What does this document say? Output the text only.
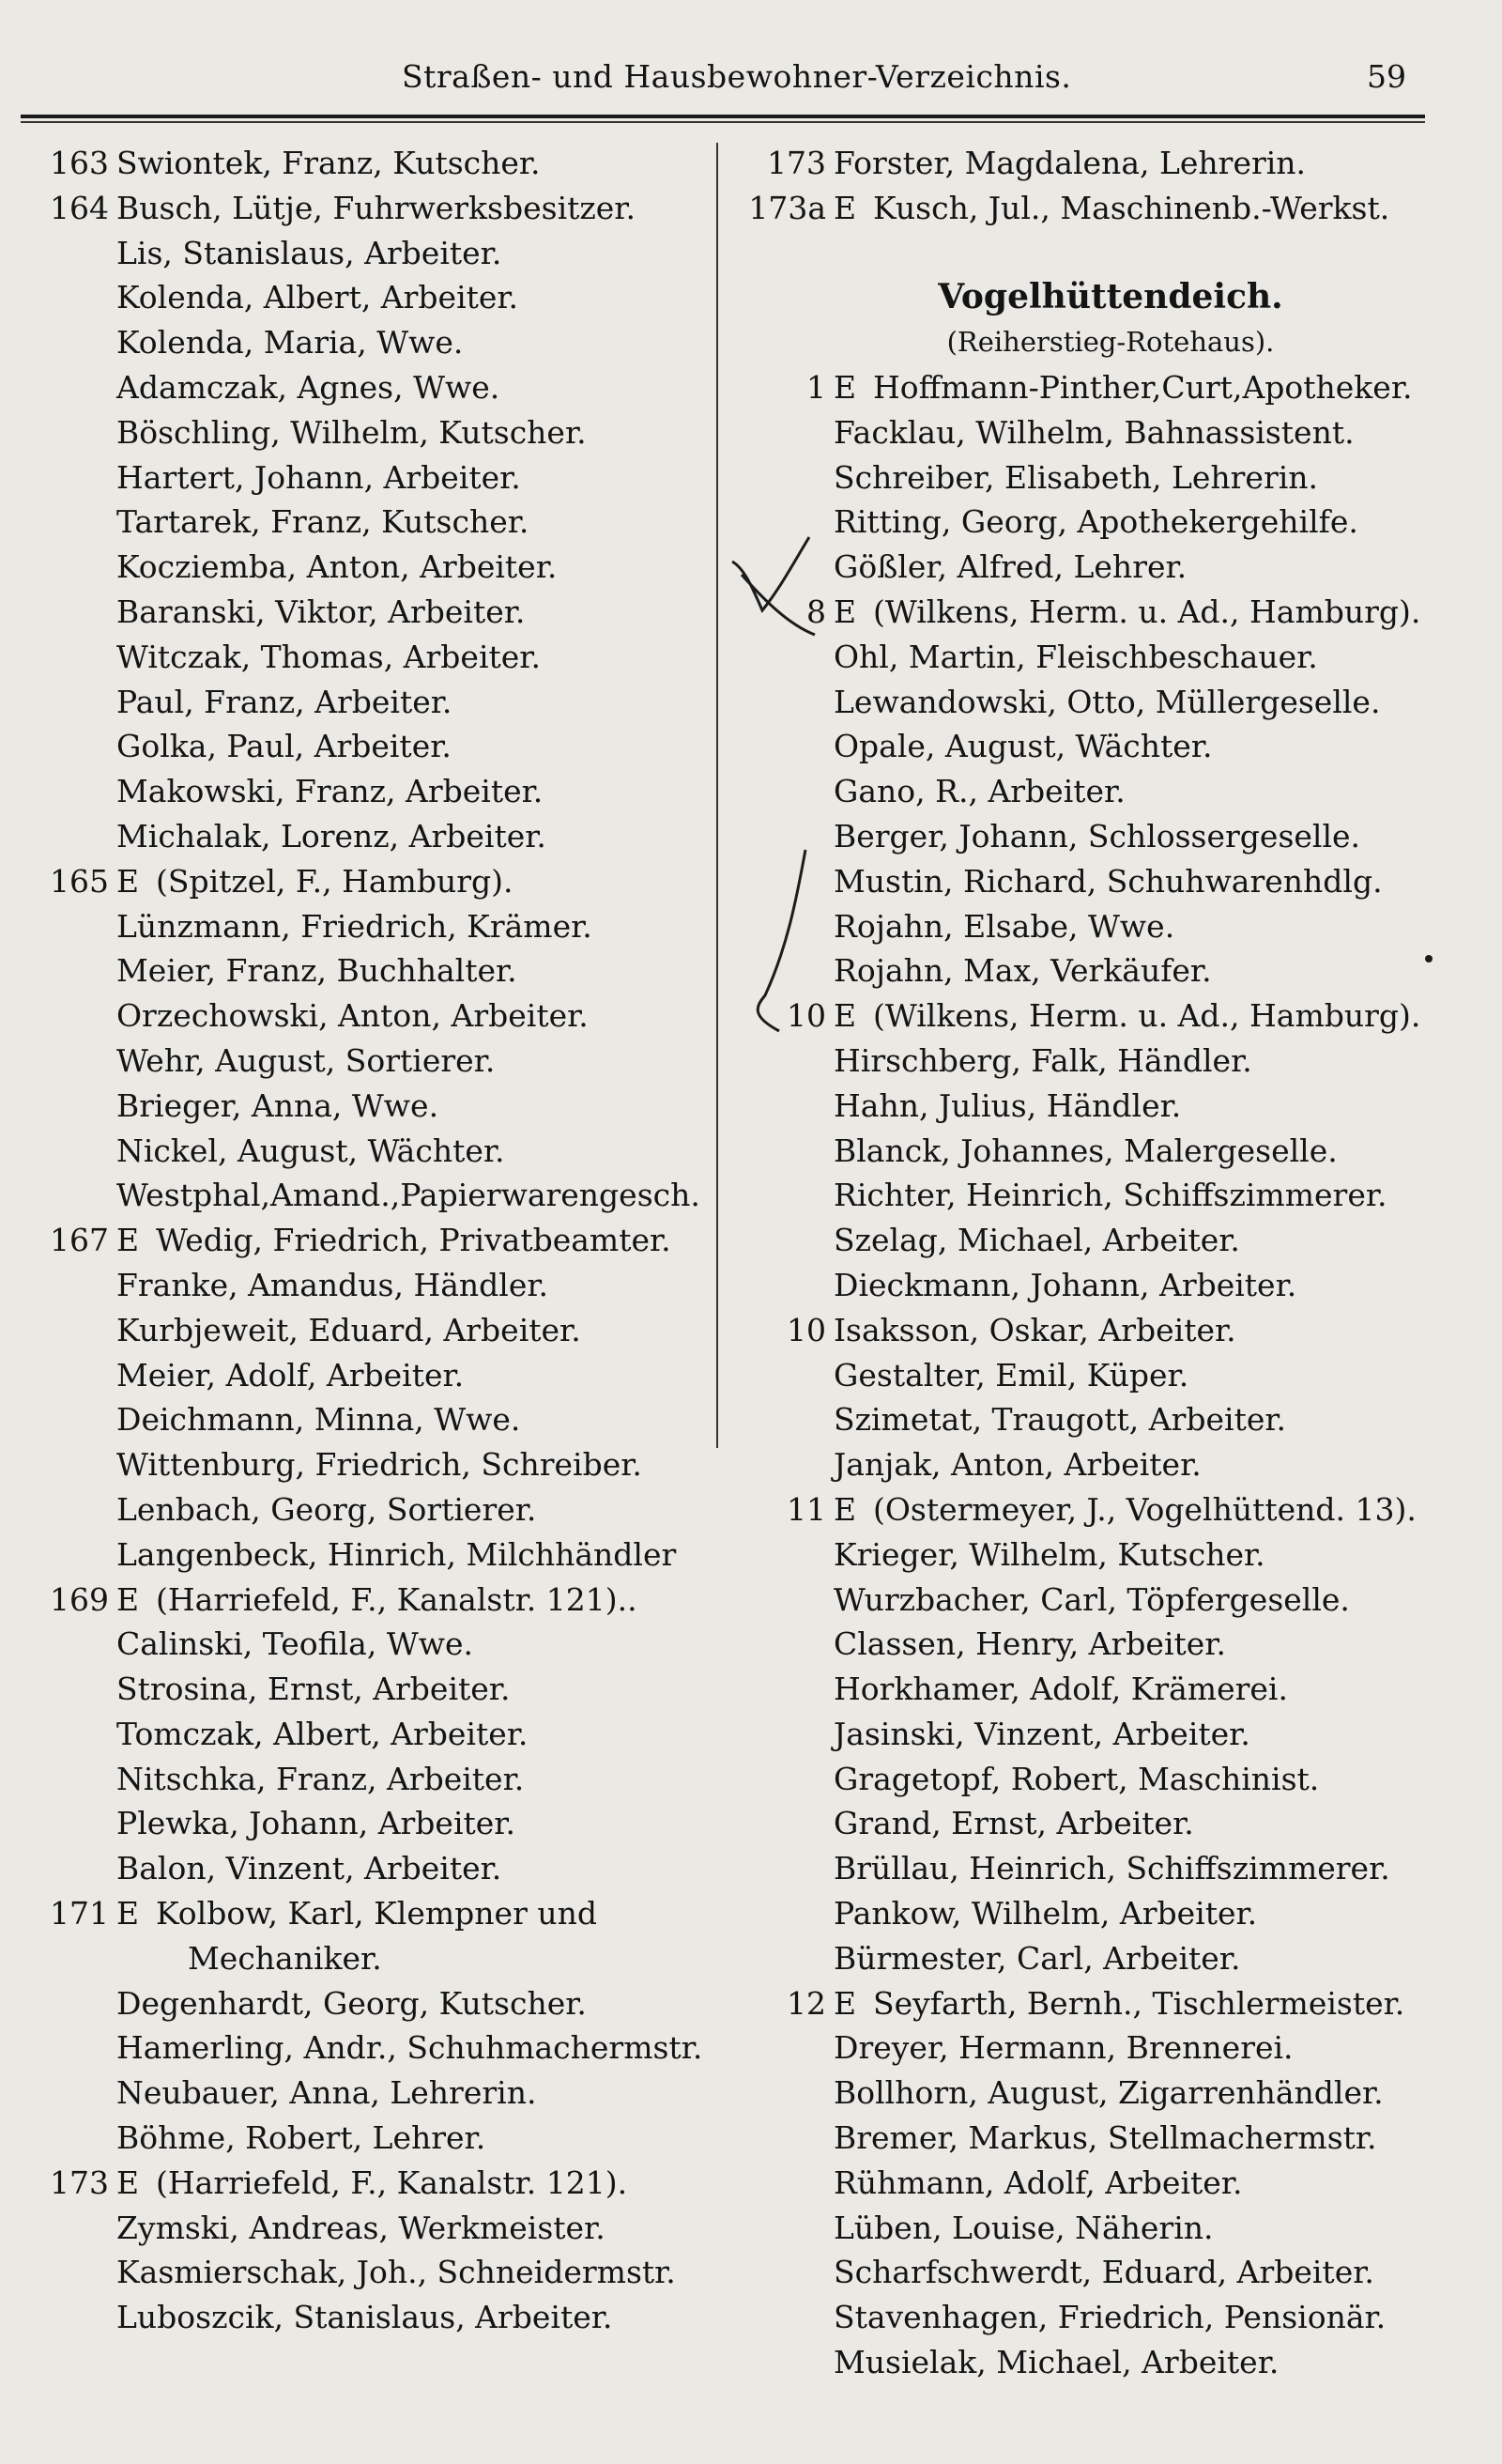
Straßen- und Hausbewohner-Verzeichnis.	59
163 Swiontek, Franz, Kutscher.
164 Busch, Lütje, Fuhrwerksbesitzer.
Lis, Stanislaus, Arbeiter.
Kolenda, Albert, Arbeiter.
Kolenda, Maria, Wwe.
Adamczak, Agnes, Wwe.
Böschling, Wilhelm, Kutscher.
Hartert, Johann, Arbeiter.
Tartarek, Franz, Kutscher.
Kocziemba, Anton, Arbeiter.
Baranski, Viktor, Arbeiter.
Witczak, Thomas, Arbeiter.
Paul, Franz, Arbeiter.
Golka, Paul, Arbeiter.
Makowski, Franz, Arbeiter.
Michalak, Lorenz, Arbeiter.
165 E (Spitzel, F., Hamburg).
Lünzmann, Friedrich, Krämer.
Meier, Franz, Buchhalter.
Orzechowski, Anton, Arbeiter.
Wehr, August, Sortierer.
Brieger, Anna, Wwe.
Nickel, August, Wächter.
Westphal,Amand.,Papierwarengesch.
167 E Wedig, Friedrich, Privatbeamter.
Franke, Amandus, Händler.
Kurbjeweit, Eduard, Arbeiter.
Meier, Adolf, Arbeiter.
Deichmann, Minna, Wwe.
Wittenburg, Friedrich, Schreiber.
Lenbach, Georg, Sortierer.
Langenbeck, Hinrich, Milchhändler
169 E (Harriefeld, F., Kanalstr. 121)..
Calinski, Teofila, Wwe.
Strosina, Ernst, Arbeiter.
Tomczak, Albert, Arbeiter.
Nitschka, Franz, Arbeiter.
Plewka, Johann, Arbeiter.
Balon, Vinzent, Arbeiter.
171 E Kolbow, Karl, Klempner und
Mechaniker.
Degenhardt, Georg, Kutscher.
Hamerling, Andr., Schuhmachermstr.
Neubauer, Anna, Lehrerin.
Böhme, Robert, Lehrer.
173 E (Harriefeld, F., Kanalstr. 121).
Zymski, Andreas, Werkmeister.
Kasmierschak, Joh., Schneidermstr.
Luboszcik, Stanislaus, Arbeiter.
173 Forster, Magdalena, Lehrerin.
173a E Kusch, Jul., Maschinenb.-Werkst.
Vogelhüttendeich.
(Reiherstieg-Rotehaus).
1 E Hoffmann-Pinther,Curt,Apotheker.
Facklau, Wilhelm, Bahnassistent.
Schreiber, Elisabeth, Lehrerin.
Ritting, Georg, Apothekergehilfe.
Gößler, Alfred, Lehrer.
8 E (Wilkens, Herm. u. Ad., Hamburg).
Ohl, Martin, Fleischbeschauer.
Lewandowski, Otto, Müllergeselle.
Opale, August, Wächter.
Gano, R., Arbeiter.
Berger, Johann, Schlossergeselle.
Mustin, Richard, Schuhwarenhdlg.
Rojahn, Elsabe, Wwe.
Rojahn, Max, Verkäufer.
10 E (Wilkens, Herm. u. Ad., Hamburg).
Hirschberg, Falk, Händler.
Hahn, Julius, Händler.
Blanck, Johannes, Malergeselle.
Richter, Heinrich, Schiffszimmerer.
Szelag, Michael, Arbeiter.
Dieckmann, Johann, Arbeiter.
10 Isaksson, Oskar, Arbeiter.
Gestalter, Emil, Küper.
Szimetat, Traugott, Arbeiter.
Janjak, Anton, Arbeiter.
11 E (Ostermeyer, J., Vogelhüttend. 13).
Krieger, Wilhelm, Kutscher.
Wurzbacher, Carl, Töpfergeselle.
Classen, Henry, Arbeiter.
Horkhamer, Adolf, Krämerei.
Jasinski, Vinzent, Arbeiter.
Gragetopf, Robert, Maschinist.
Grand, Ernst, Arbeiter.
Brüllau, Heinrich, Schiffszimmerer.
Pankow, Wilhelm, Arbeiter.
Bürmester, Carl, Arbeiter.
12 E Seyfarth, Bernh., Tischlermeister.
Dreyer, Hermann, Brennerei.
Bollhorn, August, Zigarrenhändler.
Bremer, Markus, Stellmachermstr.
Rühmann, Adolf, Arbeiter.
Lüben, Louise, Näherin.
Scharfschwerdt, Eduard, Arbeiter.
Stavenhagen, Friedrich, Pensionär.
Musielak, Michael, Arbeiter.
